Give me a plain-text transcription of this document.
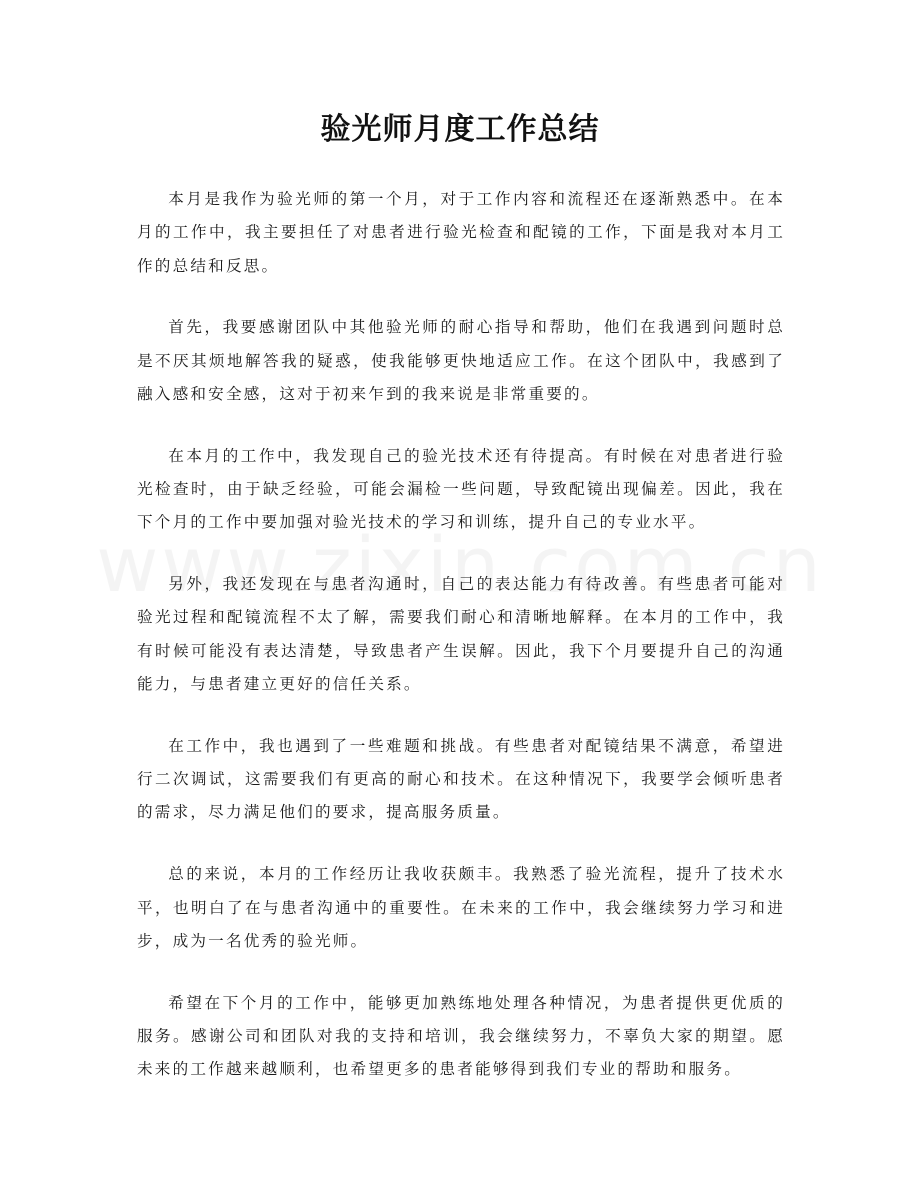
验光师月度工作总结

本月是我作为验光师的第一个月，对于工作内容和流程还在逐渐熟悉中。在本月的工作中，我主要担任了对患者进行验光检查和配镜的工作，下面是我对本月工作的总结和反思。

首先，我要感谢团队中其他验光师的耐心指导和帮助，他们在我遇到问题时总是不厌其烦地解答我的疑惑，使我能够更快地适应工作。在这个团队中，我感到了融入感和安全感，这对于初来乍到的我来说是非常重要的。

在本月的工作中，我发现自己的验光技术还有待提高。有时候在对患者进行验光检查时，由于缺乏经验，可能会漏检一些问题，导致配镜出现偏差。因此，我在下个月的工作中要加强对验光技术的学习和训练，提升自己的专业水平。

另外，我还发现在与患者沟通时，自己的表达能力有待改善。有些患者可能对验光过程和配镜流程不太了解，需要我们耐心和清晰地解释。在本月的工作中，我有时候可能没有表达清楚，导致患者产生误解。因此，我下个月要提升自己的沟通能力，与患者建立更好的信任关系。

在工作中，我也遇到了一些难题和挑战。有些患者对配镜结果不满意，希望进行二次调试，这需要我们有更高的耐心和技术。在这种情况下，我要学会倾听患者的需求，尽力满足他们的要求，提高服务质量。

总的来说，本月的工作经历让我收获颇丰。我熟悉了验光流程，提升了技术水平，也明白了在与患者沟通中的重要性。在未来的工作中，我会继续努力学习和进步，成为一名优秀的验光师。

希望在下个月的工作中，能够更加熟练地处理各种情况，为患者提供更优质的服务。感谢公司和团队对我的支持和培训，我会继续努力，不辜负大家的期望。愿未来的工作越来越顺利，也希望更多的患者能够得到我们专业的帮助和服务。
